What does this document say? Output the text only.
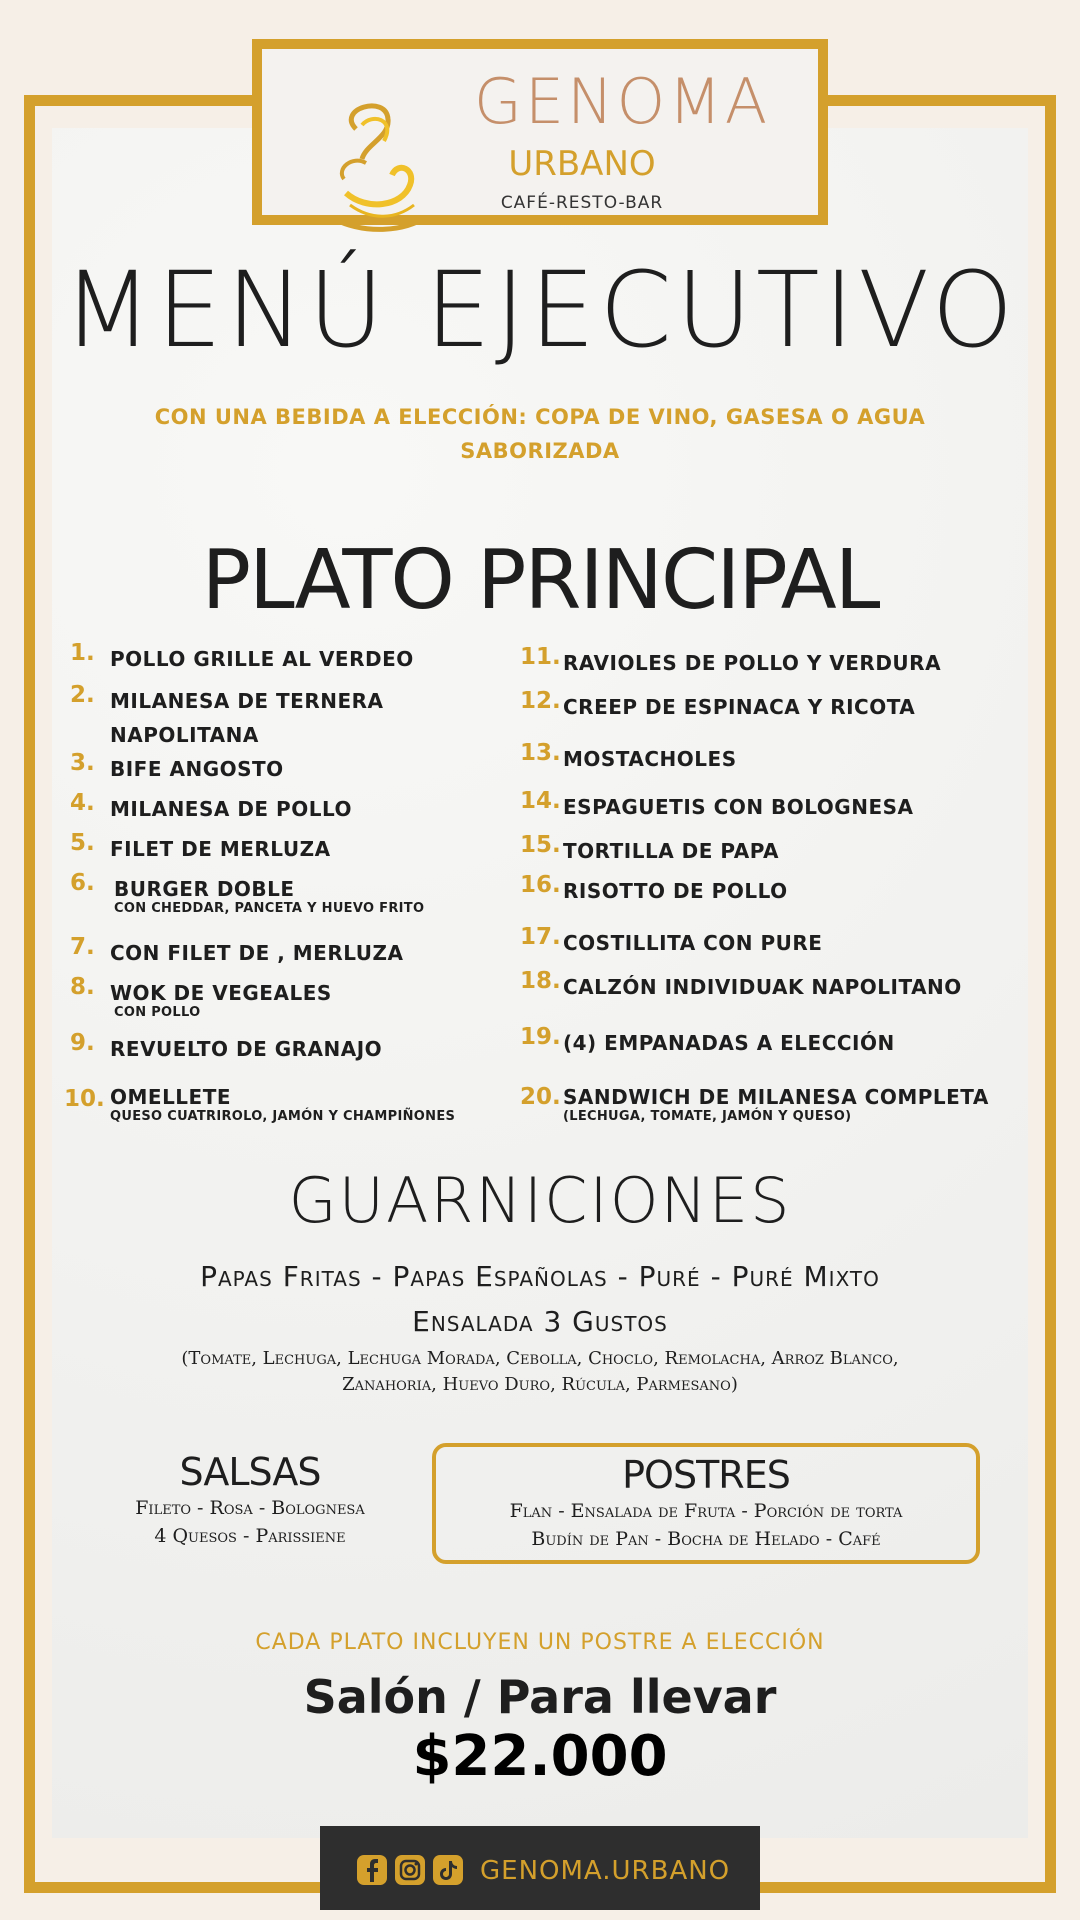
GENOMA
URBANO
CAFÉ-RESTO-BAR
MENÚ EJECUTIVO
CON UNA BEBIDA A ELECCIÓN: COPA DE VINO, GASESA O AGUA SABORIZADA
PLATO PRINCIPAL
1. POLLO GRILLE AL VERDEO
2. MILANESA DE TERNERA NAPOLITANA
3. BIFE ANGOSTO
4. MILANESA DE POLLO
5. FILET DE MERLUZA
6. BURGER DOBLE
CON CHEDDAR, PANCETA Y HUEVO FRITO
7. CON FILET DE , MERLUZA
8. WOK DE VEGEALES
CON POLLO
9. REVUELTO DE GRANAJO
10. OMELLETE
QUESO CUATRIROLO, JAMÓN Y CHAMPIÑONES
11. RAVIOLES DE POLLO Y VERDURA
12. CREEP DE ESPINACA Y RICOTA
13. MOSTACHOLES
14. ESPAGUETIS CON BOLOGNESA
15. TORTILLA DE PAPA
16. RISOTTO DE POLLO
17. COSTILLITA CON PURE
18. CALZÓN INDIVIDUAK NAPOLITANO
19. (4) EMPANADAS A ELECCIÓN
20. SANDWICH DE MILANESA COMPLETA
(LECHUGA, TOMATE, JAMÓN Y QUESO)
GUARNICIONES
Papas Fritas - Papas Españolas - Puré - Puré Mixto
Ensalada 3 Gustos
(Tomate, Lechuga, Lechuga Morada, Cebolla, Choclo, Remolacha, Arroz Blanco, Zanahoria, Huevo Duro, Rúcula, Parmesano)
SALSAS
Fileto - Rosa - Bolognesa
4 Quesos - Parissiene
POSTRES
Flan - Ensalada de Fruta - Porción de torta
Budín de Pan - Bocha de Helado - Café
CADA PLATO INCLUYEN UN POSTRE A ELECCIÓN
Salón / Para llevar
$22.000
GENOMA.URBANO
